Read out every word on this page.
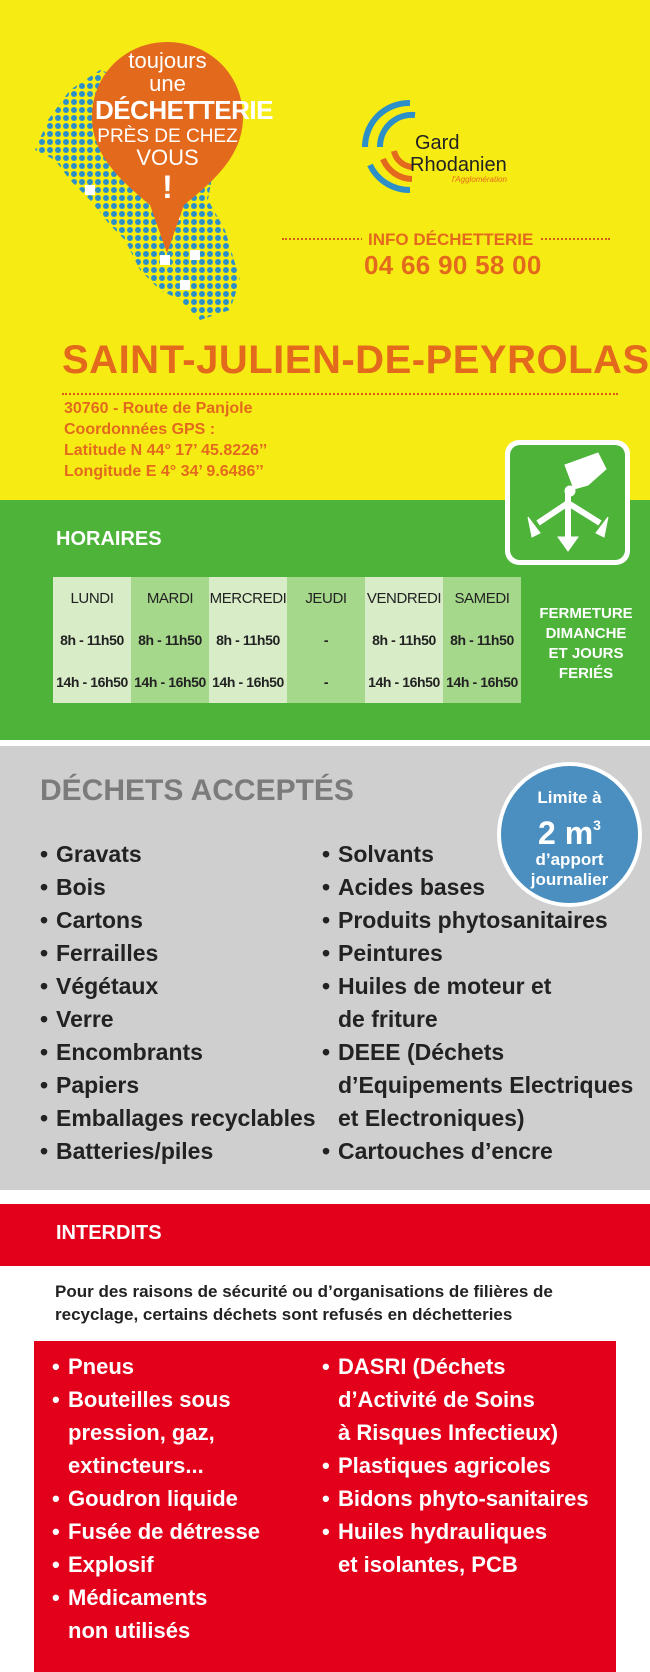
toujours
une
DÉCHETTERIE
PRÈS DE CHEZ
VOUS
!
Gard
Rhodanien
l'Agglomération
INFO DÉCHETTERIE
04 66 90 58 00
SAINT-JULIEN-DE-PEYROLAS
30760 - Route de Panjole
Coordonnées GPS :
Latitude N 44° 17’ 45.8226’’
Longitude E 4° 34’ 9.6486’’
HORAIRES
LUNDI	MARDI	MERCREDI	JEUDI	VENDREDI	SAMEDI
8h - 11h50	8h - 11h50	8h - 11h50	-	8h - 11h50	8h - 11h50
14h - 16h50	14h - 16h50	14h - 16h50	-	14h - 16h50	14h - 16h50
FERMETURE
DIMANCHE
ET JOURS
FERIÉS
DÉCHETS ACCEPTÉS	Limite à
2 $m^3$
d’apport
journalier
• Gravats
• Bois
• Cartons
• Ferrailles
• Végétaux
• Verre
• Encombrants
• Papiers
• Emballages recyclables
• Batteries/piles
• Solvants
• Acides bases
• Produits phytosanitaires
• Peintures
• Huiles de moteur et
de friture
• DEEE (Déchets
d’Equipements Electriques
et Electroniques)
• Cartouches d’encre
INTERDITS
Pour des raisons de sécurité ou d’organisations de filières de recyclage, certains déchets sont refusés en déchetteries
• Pneus
• Bouteilles sous
pression, gaz,
extincteurs...
• Goudron liquide
• Fusée de détresse
• Explosif
• Médicaments
non utilisés
• DASRI (Déchets
d’Activité de Soins
à Risques Infectieux)
• Plastiques agricoles
• Bidons phyto-sanitaires
• Huiles hydrauliques
et isolantes, PCB
